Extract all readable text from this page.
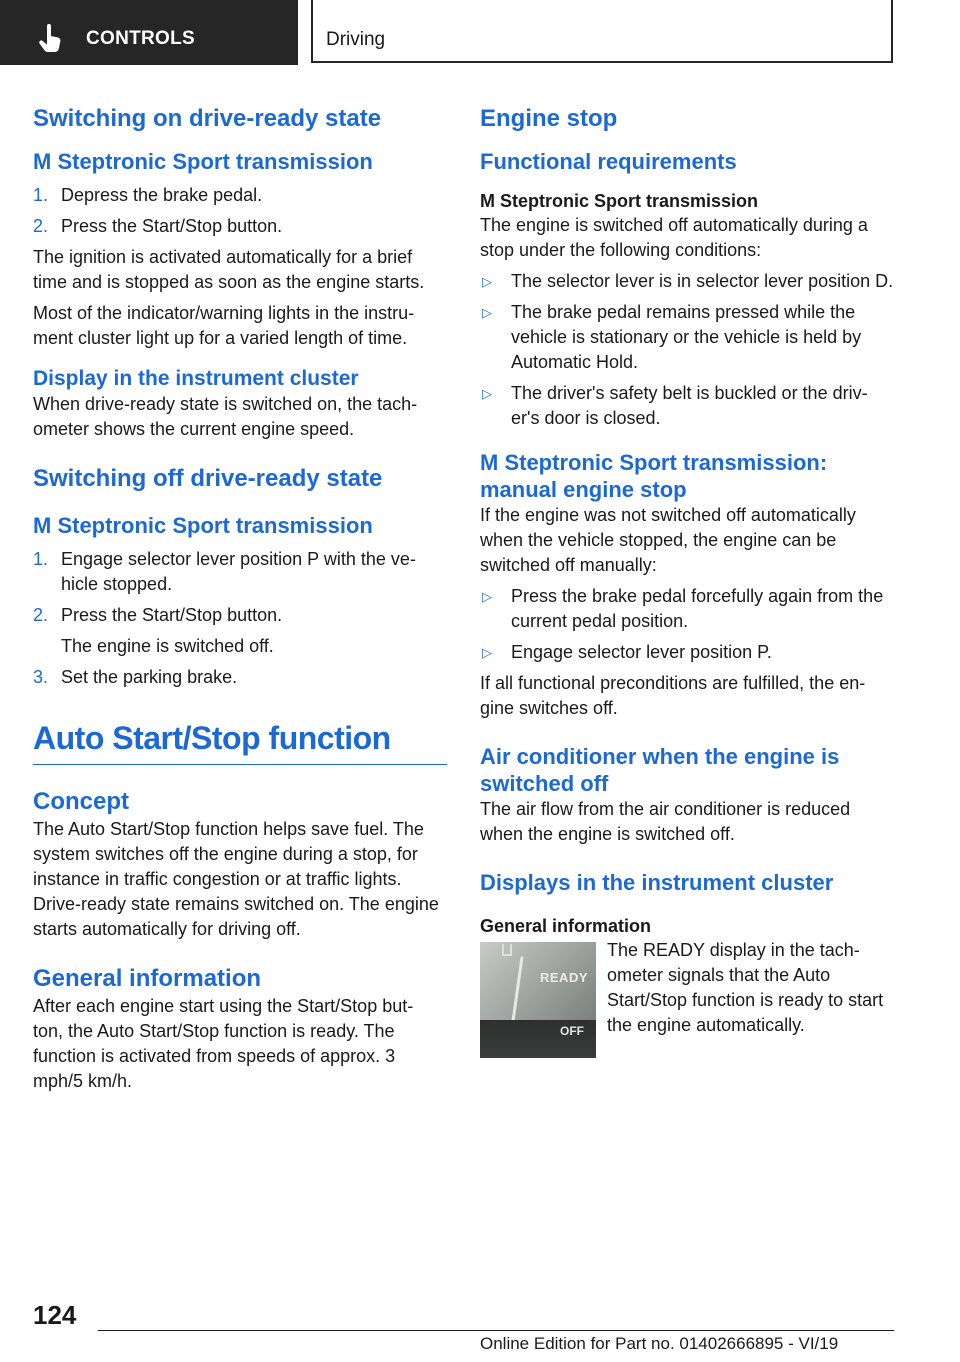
CONTROLS	Driving
Switching on drive-ready state
M Steptronic Sport transmission
1. Depress the brake pedal.
2. Press the Start/Stop button.

The ignition is activated automatically for a brief time and is stopped as soon as the engine starts.

Most of the indicator/warning lights in the instru‐ ment cluster light up for a varied length of time.

Display in the instrument cluster

When drive-ready state is switched on, the tach‐ ometer shows the current engine speed.

Switching off drive-ready state
M Steptronic Sport transmission
1. Engage selector lever position P with the ve‐ hicle stopped.
2. Press the Start/Stop button.

The engine is switched off.

3. Set the parking brake.
Auto Start/Stop function
Concept

The Auto Start/Stop function helps save fuel. The system switches off the engine during a stop, for instance in traffic congestion or at traffic lights. Drive-ready state remains switched on. The engine starts automatically for driving off.

General information

After each engine start using the Start/Stop but‐ ton, the Auto Start/Stop function is ready. The function is activated from speeds of approx. 3 mph/5 km/h.

Engine stop
Functional requirements
M Steptronic Sport transmission

The engine is switched off automatically during a stop under the following conditions:

▷	The selector lever is in selector lever position D.
▷	The brake pedal remains pressed while the vehicle is stationary or the vehicle is held by Automatic Hold.
▷	The driver's safety belt is buckled or the driv‐ er's door is closed.
M Steptronic Sport transmission: manual engine stop

If the engine was not switched off automatically when the vehicle stopped, the engine can be switched off manually:

▷	Press the brake pedal forcefully again from the current pedal position.
▷	Engage selector lever position P.

If all functional preconditions are fulfilled, the en‐ gine switches off.

Air conditioner when the engine is switched off

The air flow from the air conditioner is reduced when the engine is switched off.

Displays in the instrument cluster
General information
READY
OFF

The READY display in the tach‐ ometer signals that the Auto Start/Stop function is ready to start the engine automatically.

124
Online Edition for Part no. 01402666895 - VI/19
